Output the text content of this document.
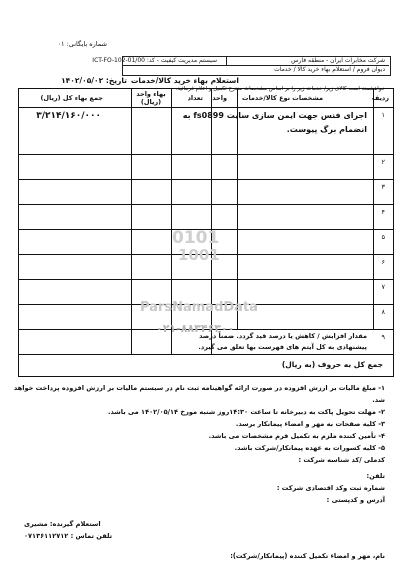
شماره بایگانی: ۰۱
شرکت مخابرات ایران - منطقه فارس
سیستم مدیریت کیفیت - کد: ICT-FO-102-01/00
دیوان فروم / استعلام بهاء خرید کالا / خدمات
استعلام بهاء خرید کالا/خدمات
تاریخ: ۱۴۰۲/۰۵/۰۲
خواهشمند است کالای زیر/ خدمات زیر را بر اساس مشخصات مندرج تکمیل و اعلام فرمائید.
ردیف
مشخصات نوع کالا/خدمات
واحد
تعداد
بهاء واحد (ریال)
جمع بهاء کل (ریال)
۱
۲
۳
۴
۵
۶
۷
۸
۹
اجرای فنس جهت ایمن سازی سایت fs0899 به
انضمام برگ پیوست.
۳/۲۱۴/۱۶۰/۰۰۰
مقدار افزایش / کاهش یا درصد قید گردد. ضمناً درصد
پیشنهادی به کل آیتم های فهرست بها تعلق می گیرد.
0101
1001
ParsNamadData
۰۲۱-۸۸۳۴۶۳۰۰
جمع کل به حروف (به ریال)
۱- مبلغ مالیات بر ارزش افزوده در صورت ارائه گواهینامه ثبت نام در سیستم مالیات بر ارزش افزوده پرداخت خواهد
شد.
۲- مهلت تحویل پاکت به دبیرخانه تا ساعت ۱۴:۳۰روز شنبه مورخ ۱۴۰۲/۰۵/۱۴ می باشد.
۳- کلیه صفحات به مهر و امضاء پیمانکار برسد.
۴- تأمین کننده ملزم به تکمیل فرم مشخصات می باشد.
۵- کلیه کسورات به عهده پیمانکار/شرکت باشد.
کدملی /کد شناسه شرکت :
تلفن:
شماره ثبت وکد اقتصادی شرکت :
آدرس و کدپستی :
استعلام گیرنده: مشیری
تلفن تماس : ۰۷۱۳۶۱۱۲۷۱۲
نام، مهر و امضاء تکمیل کننده (پیمانکار/شرکت):
